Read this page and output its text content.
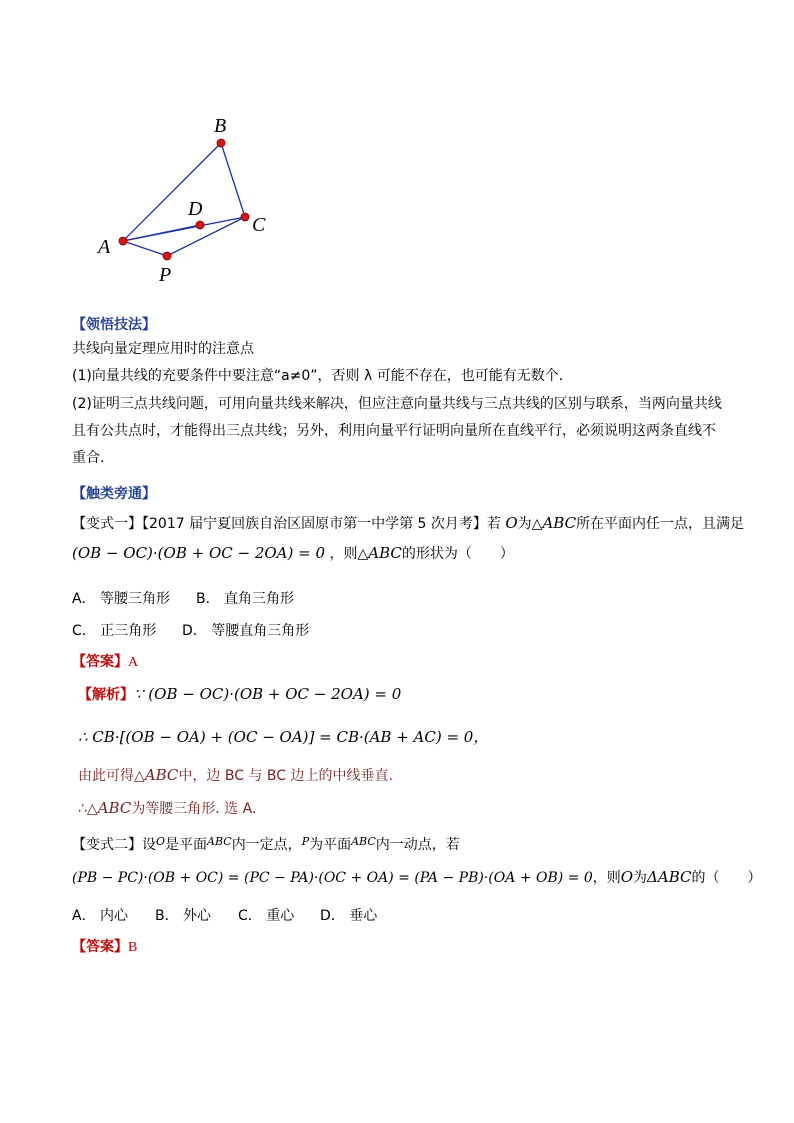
A
B
C
D
P
【领悟技法】
共线向量定理应用时的注意点
(1)向量共线的充要条件中要注意“a≠0”，否则 λ 可能不存在，也可能有无数个．
(2)证明三点共线问题，可用向量共线来解决，但应注意向量共线与三点共线的区别与联系，当两向量共线
且有公共点时，才能得出三点共线；另外，利用向量平行证明向量所在直线平行，必须说明这两条直线不
重合．
【触类旁通】
【变式一】【2017 届宁夏回族自治区固原市第一中学第 5 次月考】若 O为△ABC所在平面内任一点，且满足
(OB − OC)·(OB + OC − 2OA) = 0 ，则△ABC的形状为（　　）
A． 等腰三角形 B． 直角三角形
C． 正三角形 D． 等腰直角三角形
【答案】A
【解析】∵ (OB − OC)·(OB + OC − 2OA) = 0
∴ CB·[(OB − OA) + (OC − OA)] = CB·(AB + AC) = 0，
由此可得△ABC中，边 BC 与 BC 边上的中线垂直.
∴△ABC为等腰三角形. 选 A.
【变式二】设$^O$是平面$^{ABC}$内一定点，$^P$为平面$^{ABC}$内一动点，若
(PB − PC)·(OB + OC) = (PC − PA)·(OC + OA) = (PA − PB)·(OA + OB) = 0，则O为ΔABC的（　　）
A． 内心 B． 外心 C． 重心 D． 垂心
【答案】B
